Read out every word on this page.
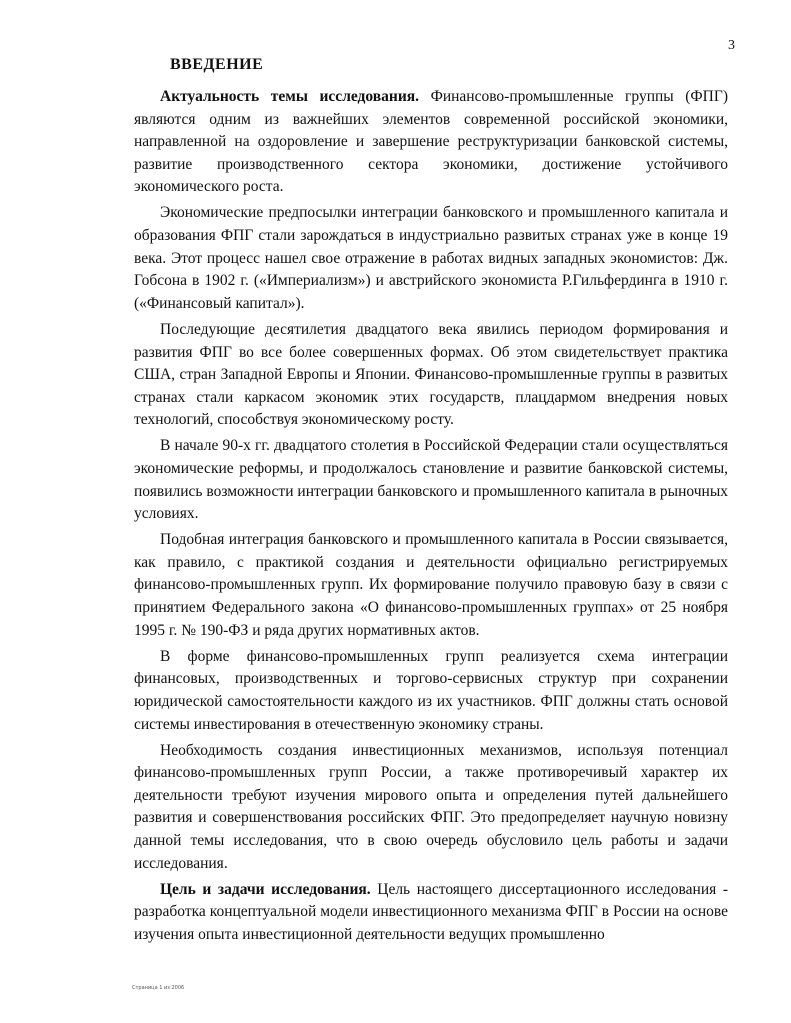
3
ВВЕДЕНИЕ

Актуальность темы исследования. Финансово-промышленные группы (ФПГ) являются одним из важнейших элементов современной российской экономики, направленной на оздоровление и завершение реструктуризации банковской системы, развитие производственного сектора экономики, достижение устойчивого экономического роста.

Экономические предпосылки интеграции банковского и промышленного капитала и образования ФПГ стали зарождаться в индустриально развитых странах уже в конце 19 века. Этот процесс нашел свое отражение в работах видных западных экономистов: Дж. Гобсона в 1902 г. («Империализм») и австрийского экономиста Р.Гильфердинга в 1910 г. («Финансовый капитал»).

Последующие десятилетия двадцатого века явились периодом формирования и развития ФПГ во все более совершенных формах. Об этом свидетельствует практика США, стран Западной Европы и Японии. Финансово-промышленные группы в развитых странах стали каркасом экономик этих государств, плацдармом внедрения новых технологий, способствуя экономическому росту.

В начале 90-х гг. двадцатого столетия в Российской Федерации стали осуществляться экономические реформы, и продолжалось становление и развитие банковской системы, появились возможности интеграции банковского и промышленного капитала в рыночных условиях.

Подобная интеграция банковского и промышленного капитала в России связывается, как правило, с практикой создания и деятельности официально регистрируемых финансово-промышленных групп. Их формирование получило правовую базу в связи с принятием Федерального закона «О финансово-промышленных группах» от 25 ноября 1995 г. № 190-ФЗ и ряда других нормативных актов.

В форме финансово-промышленных групп реализуется схема интеграции финансовых, производственных и торгово-сервисных структур при сохранении юридической самостоятельности каждого из их участников. ФПГ должны стать основой системы инвестирования в отечественную экономику страны.

Необходимость создания инвестиционных механизмов, используя потенциал финансово-промышленных групп России, а также противоречивый характер их деятельности требуют изучения мирового опыта и определения путей дальнейшего развития и совершенствования российских ФПГ. Это предопределяет научную новизну данной темы исследования, что в свою очередь обусловило цель работы и задачи исследования.

Цель и задачи исследования. Цель настоящего диссертационного исследования - разработка концептуальной модели инвестиционного механизма ФПГ в России на основе изучения опыта инвестиционной деятельности ведущих промышленно

Страница 1 из 2006
